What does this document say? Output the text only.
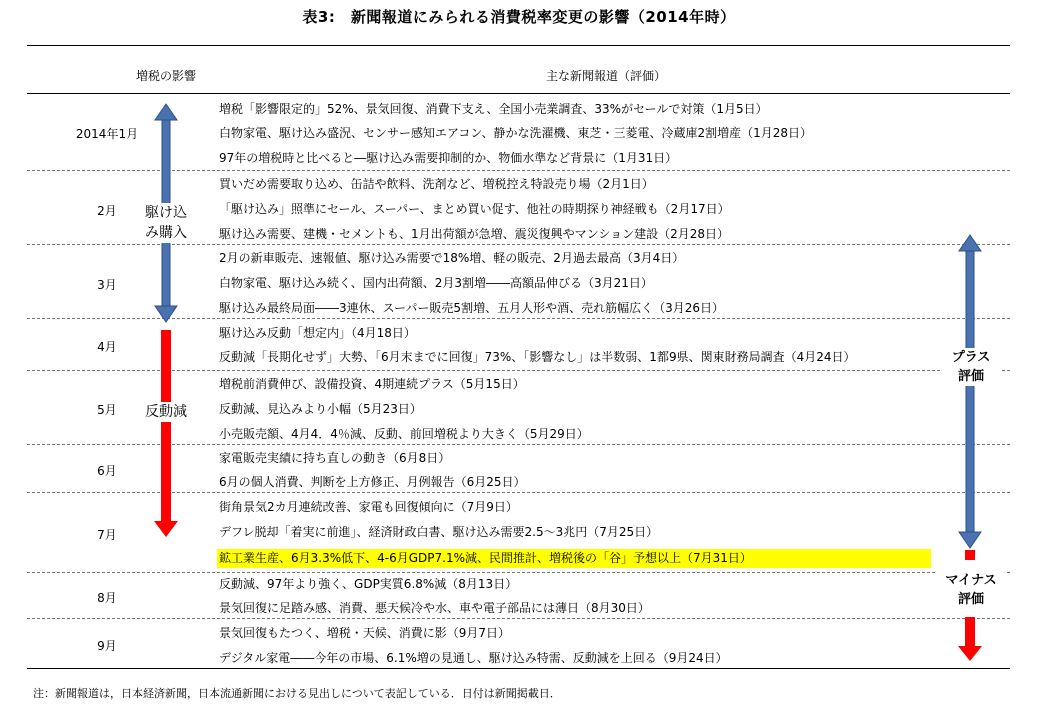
表3:　新聞報道にみられる消費税率変更の影響（2014年時）
増税の影響	主な新聞報道（評価）
2014年1月
2月
3月
4月
5月
6月
7月
8月
9月
増税「影響限定的」52%、景気回復、消費下支え、全国小売業調査、33%がセールで対策（1月5日）
白物家電、駆け込み盛況、センサー感知エアコン、静かな洗濯機、東芝・三菱電、冷蔵庫2割増産（1月28日）
97年の増税時と比べると―駆け込み需要抑制的か、物価水準など背景に（1月31日）
買いだめ需要取り込め、缶詰や飲料、洗剤など、増税控え特設売り場（2月1日）
「駆け込み」照準にセール、スーパー、まとめ買い促す、他社の時期探り神経戦も（2月17日）
駆け込み需要、建機・セメントも、1月出荷額が急増、震災復興やマンション建設（2月28日）
2月の新車販売、速報値、駆け込み需要で18%増、軽の販売、2月過去最高（3月4日）
白物家電、駆け込み続く、国内出荷額、2月3割増――高額品伸びる（3月21日）
駆け込み最終局面――3連休、スーパー販売5割増、五月人形や酒、売れ筋幅広く（3月26日）
駆け込み反動「想定内」（4月18日）
反動減「長期化せず」大勢、「6月末までに回復」73%、「影響なし」は半数弱、1都9県、関東財務局調査（4月24日）
増税前消費伸び、設備投資、4期連続プラス（5月15日）
反動減、見込みより小幅（5月23日）
小売販売額、4月4．4％減、反動、前回増税より大きく（5月29日）
家電販売実績に持ち直しの動き（6月8日）
6月の個人消費、判断を上方修正、月例報告（6月25日）
街角景気2カ月連続改善、家電も回復傾向に（7月9日）
デフレ脱却「着実に前進」、経済財政白書、駆け込み需要2.5～3兆円（7月25日）
鉱工業生産、6月3.3%低下、4-6月GDP7.1%減、民間推計、増税後の「谷」予想以上（7月31日）
反動減、97年より強く、GDP実質6.8%減（8月13日）
景気回復に足踏み感、消費、悪天候冷や水、車や電子部品には薄日（8月30日）
景気回復もたつく、増税・天候、消費に影（9月7日）
デジタル家電――今年の市場、6.1%増の見通し、駆け込み特需、反動減を上回る（9月24日）
駆け込
み購入
反動減
プラス
評価
マイナス
評価
注：新聞報道は，日本経済新聞，日本流通新聞における見出しについて表記している．日付は新聞掲載日．
